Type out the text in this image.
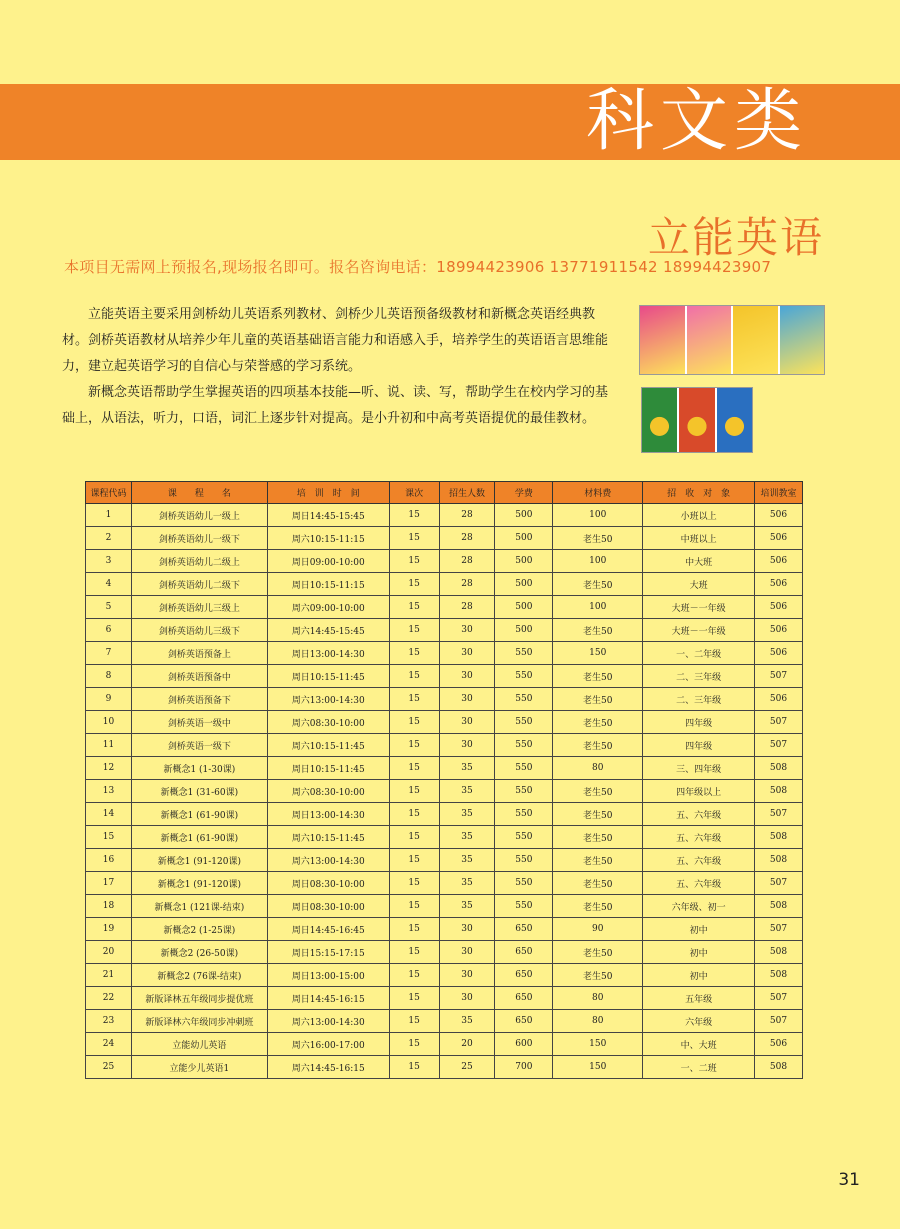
科文类
立能英语
本项目无需网上预报名,现场报名即可。报名咨询电话：18994423906 13771911542 18994423907

立能英语主要采用剑桥幼儿英语系列教材、剑桥少儿英语预备级教材和新概念英语经典教材。剑桥英语教材从培养少年儿童的英语基础语言能力和语感入手，培养学生的英语语言思维能力，建立起英语学习的自信心与荣誉感的学习系统。

新概念英语帮助学生掌握英语的四项基本技能—听、说、读、写，帮助学生在校内学习的基础上，从语法，听力，口语，词汇上逐步针对提高。是小升初和中高考英语提优的最佳教材。

课程代码	课　　程　　名	培　训　时　间	课次	招生人数	学费	材料费	招　收　对　象	培训教室
1	剑桥英语幼儿一级上	周日14:45-15:45	15	28	500	100	小班以上	506
2	剑桥英语幼儿一级下	周六10:15-11:15	15	28	500	老生50	中班以上	506
3	剑桥英语幼儿二级上	周日09:00-10:00	15	28	500	100	中大班	506
4	剑桥英语幼儿二级下	周日10:15-11:15	15	28	500	老生50	大班	506
5	剑桥英语幼儿三级上	周六09:00-10:00	15	28	500	100	大班－一年级	506
6	剑桥英语幼儿三级下	周六14:45-15:45	15	30	500	老生50	大班－一年级	506
7	剑桥英语预备上	周日13:00-14:30	15	30	550	150	一、二年级	506
8	剑桥英语预备中	周日10:15-11:45	15	30	550	老生50	二、三年级	507
9	剑桥英语预备下	周六13:00-14:30	15	30	550	老生50	二、三年级	506
10	剑桥英语一级中	周六08:30-10:00	15	30	550	老生50	四年级	507
11	剑桥英语一级下	周六10:15-11:45	15	30	550	老生50	四年级	507
12	新概念1 (1-30课)	周日10:15-11:45	15	35	550	80	三、四年级	508
13	新概念1 (31-60课)	周六08:30-10:00	15	35	550	老生50	四年级以上	508
14	新概念1 (61-90课)	周日13:00-14:30	15	35	550	老生50	五、六年级	507
15	新概念1 (61-90课)	周六10:15-11:45	15	35	550	老生50	五、六年级	508
16	新概念1 (91-120课)	周六13:00-14:30	15	35	550	老生50	五、六年级	508
17	新概念1 (91-120课)	周日08:30-10:00	15	35	550	老生50	五、六年级	507
18	新概念1 (121课-结束)	周日08:30-10:00	15	35	550	老生50	六年级、初一	508
19	新概念2 (1-25课)	周日14:45-16:45	15	30	650	90	初中	507
20	新概念2 (26-50课)	周日15:15-17:15	15	30	650	老生50	初中	508
21	新概念2 (76课-结束)	周日13:00-15:00	15	30	650	老生50	初中	508
22	新版译林五年级同步提优班	周日14:45-16:15	15	30	650	80	五年级	507
23	新版译林六年级同步冲刺班	周六13:00-14:30	15	35	650	80	六年级	507
24	立能幼儿英语	周六16:00-17:00	15	20	600	150	中、大班	506
25	立能少儿英语1	周六14:45-16:15	15	25	700	150	一、二班	508
31
